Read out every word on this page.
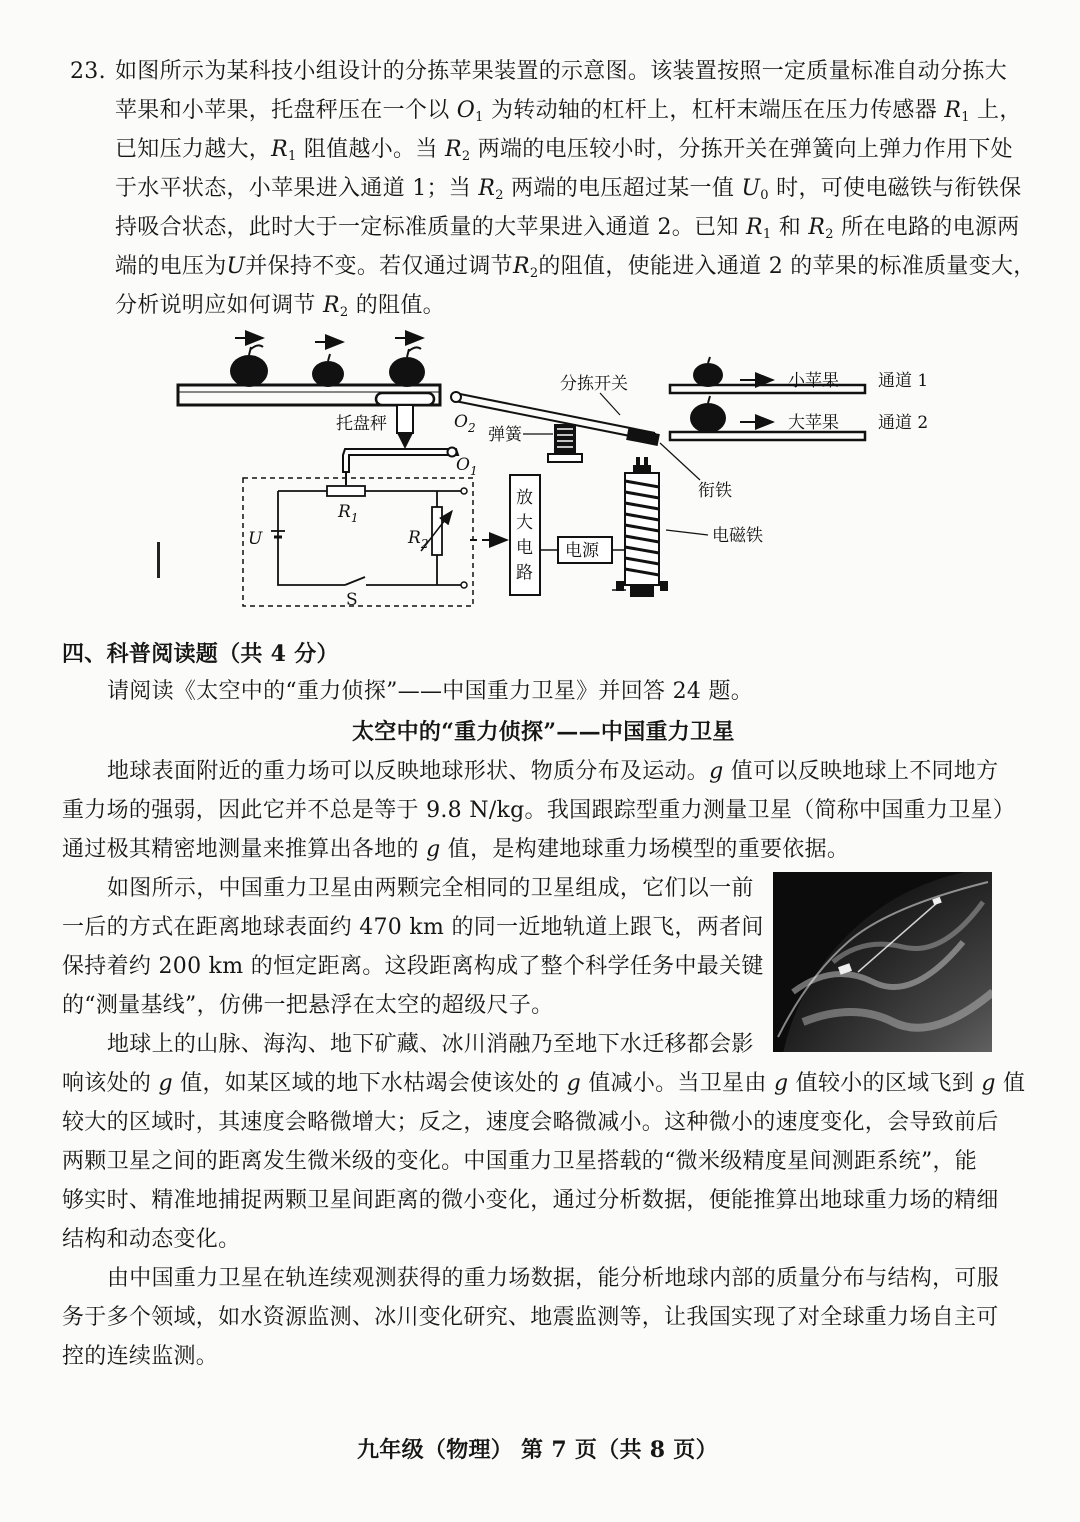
23. 如图所示为某科技小组设计的分拣苹果装置的示意图。该装置按照一定质量标准自动分拣大
苹果和小苹果，托盘秤压在一个以 $O_1$ 为转动轴的杠杆上，杠杆末端压在压力传感器 $R_1$ 上，
已知压力越大，$R_1$ 阻值越小。当 $R_2$ 两端的电压较小时，分拣开关在弹簧向上弹力作用下处
于水平状态，小苹果进入通道 1；当 $R_2$ 两端的电压超过某一值 $U_0$ 时，可使电磁铁与衔铁保
持吸合状态，此时大于一定标准质量的大苹果进入通道 2。已知 $R_1$ 和 $R_2$ 所在电路的电源两
端的电压为U并保持不变。若仅通过调节$R_2$的阻值，使能进入通道 2 的苹果的标准质量变大，
分析说明应如何调节 $R_2$ 的阻值。
托盘秤
$O_1$
$O_2$
分拣开关
弹簧
衔铁
小苹果
大苹果
通道 1
通道 2
电磁铁
放
大
电
路
电源
$R_1$
$R_2$
U
S
四、科普阅读题（共 4 分）
请阅读《太空中的“重力侦探”——中国重力卫星》并回答 24 题。
太空中的“重力侦探”——中国重力卫星
地球表面附近的重力场可以反映地球形状、物质分布及运动。g 值可以反映地球上不同地方
重力场的强弱，因此它并不总是等于 9.8 N/kg。我国跟踪型重力测量卫星（简称中国重力卫星）
通过极其精密地测量来推算出各地的 g 值，是构建地球重力场模型的重要依据。
如图所示，中国重力卫星由两颗完全相同的卫星组成，它们以一前
一后的方式在距离地球表面约 470 km 的同一近地轨道上跟飞，两者间
保持着约 200 km 的恒定距离。这段距离构成了整个科学任务中最关键
的“测量基线”，仿佛一把悬浮在太空的超级尺子。
地球上的山脉、海沟、地下矿藏、冰川消融乃至地下水迁移都会影
响该处的 g 值，如某区域的地下水枯竭会使该处的 g 值减小。当卫星由 g 值较小的区域飞到 g 值
较大的区域时，其速度会略微增大；反之，速度会略微减小。这种微小的速度变化，会导致前后
两颗卫星之间的距离发生微米级的变化。中国重力卫星搭载的“微米级精度星间测距系统”，能
够实时、精准地捕捉两颗卫星间距离的微小变化，通过分析数据，便能推算出地球重力场的精细
结构和动态变化。
由中国重力卫星在轨连续观测获得的重力场数据，能分析地球内部的质量分布与结构，可服
务于多个领域，如水资源监测、冰川变化研究、地震监测等，让我国实现了对全球重力场自主可
控的连续监测。
九年级（物理） 第 7 页（共 8 页）
